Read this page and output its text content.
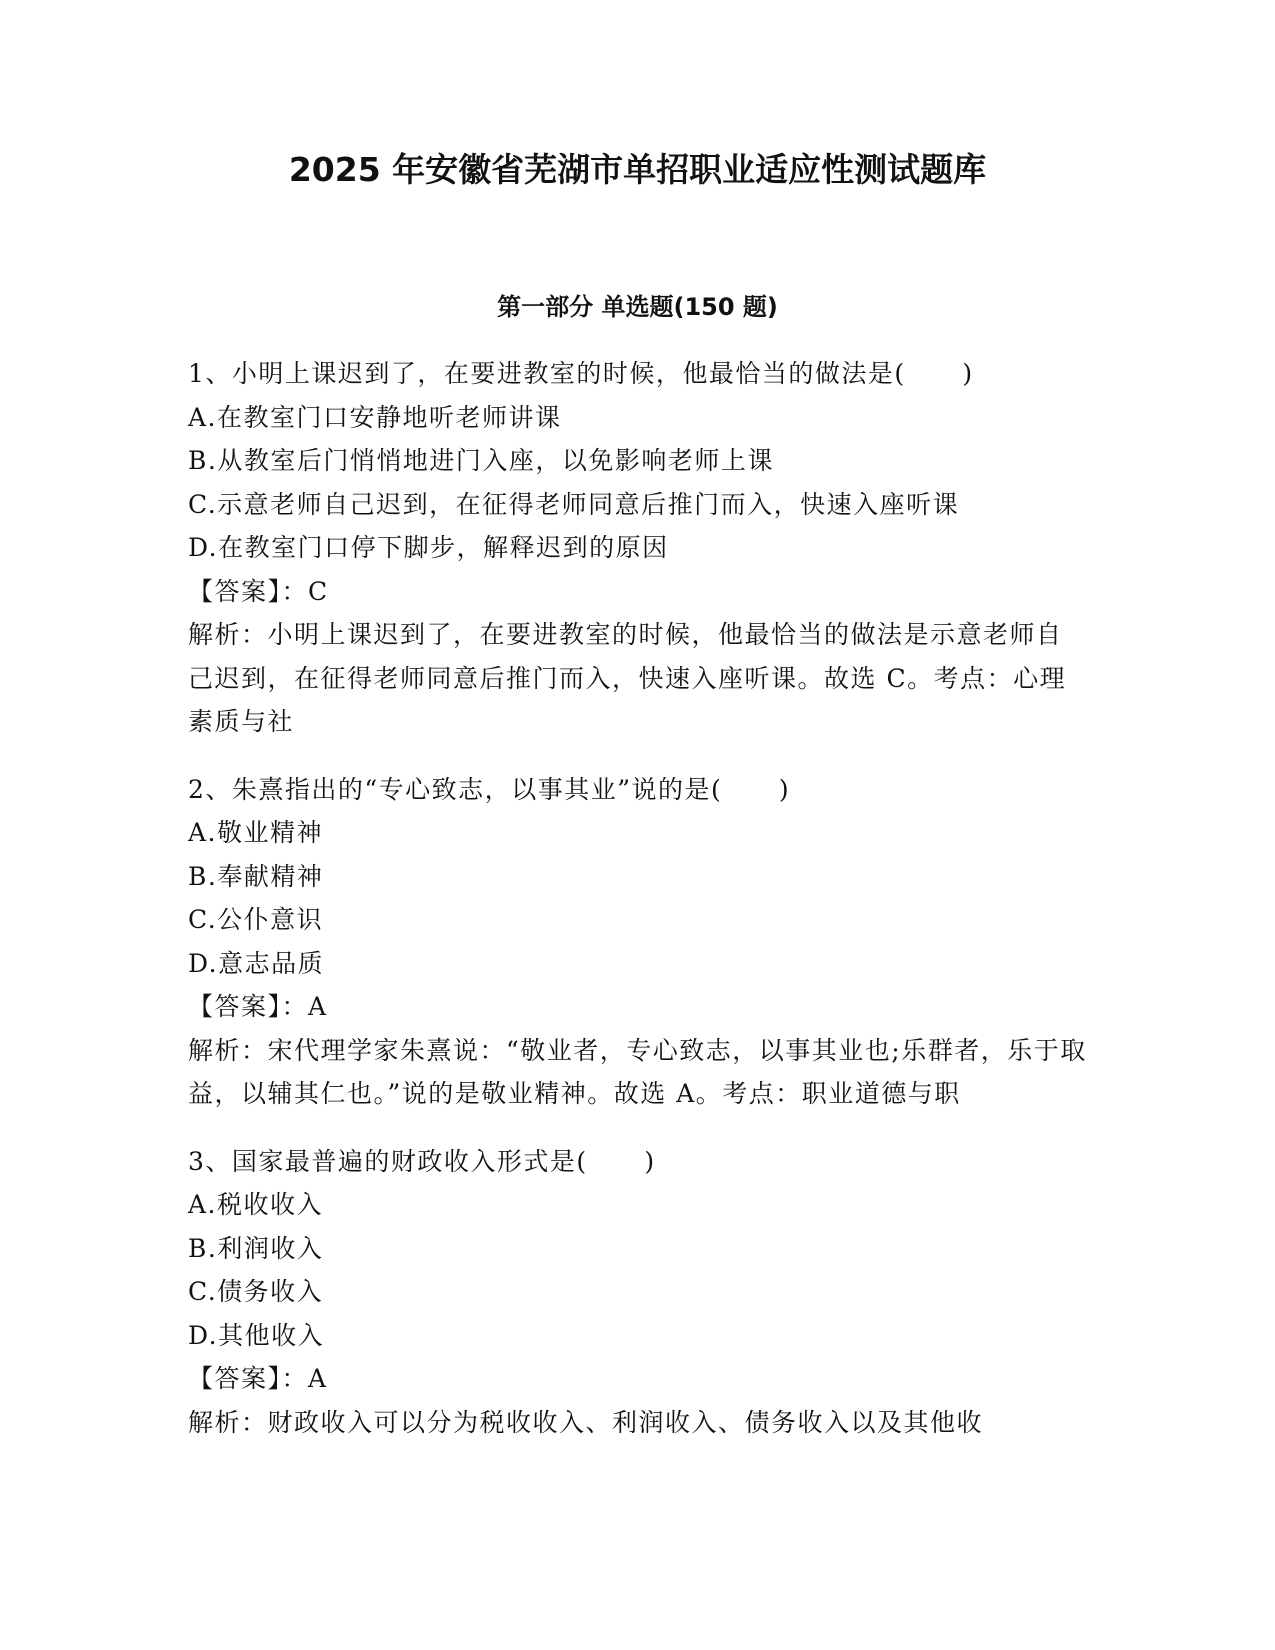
2025 年安徽省芜湖市单招职业适应性测试题库
第一部分 单选题(150 题)

1、小明上课迟到了，在要进教室的时候，他最恰当的做法是(      )

A.在教室门口安静地听老师讲课

B.从教室后门悄悄地进门入座，以免影响老师上课

C.示意老师自己迟到，在征得老师同意后推门而入，快速入座听课

D.在教室门口停下脚步，解释迟到的原因

【答案】：C

解析：小明上课迟到了，在要进教室的时候，他最恰当的做法是示意老师自己迟到，在征得老师同意后推门而入，快速入座听课。故选 C。考点：心理素质与社

2、朱熹指出的“专心致志，以事其业”说的是(      )

A.敬业精神

B.奉献精神

C.公仆意识

D.意志品质

【答案】：A

解析：宋代理学家朱熹说：“敬业者，专心致志，以事其业也;乐群者，乐于取益，以辅其仁也。”说的是敬业精神。故选 A。考点：职业道德与职

3、国家最普遍的财政收入形式是(      )

A.税收收入

B.利润收入

C.债务收入

D.其他收入

【答案】：A

解析：财政收入可以分为税收收入、利润收入、债务收入以及其他收
